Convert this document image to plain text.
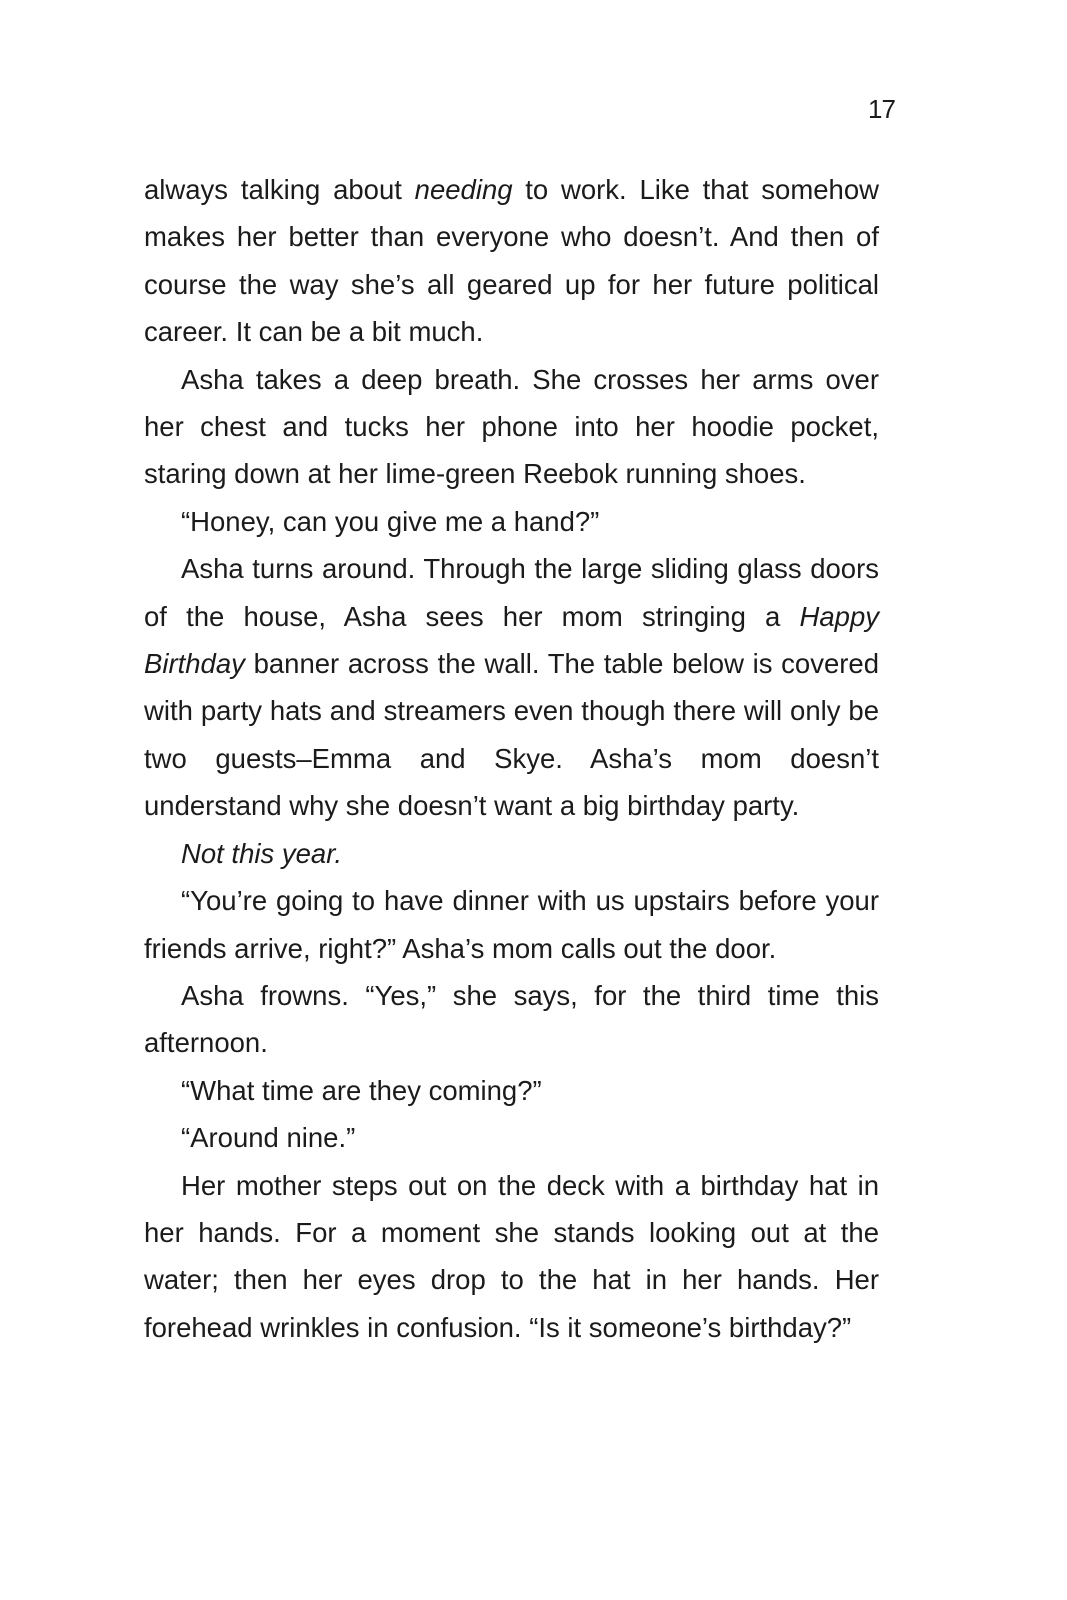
17

always talking about needing to work. Like that somehow makes her better than everyone who doesn’t. And then of course the way she’s all geared up for her future political career. It can be a bit much.

Asha takes a deep breath. She crosses her arms over her chest and tucks her phone into her hoodie pocket, staring down at her lime-green Reebok running shoes.

“Honey, can you give me a hand?”

Asha turns around. Through the large sliding glass doors of the house, Asha sees her mom stringing a Happy Birthday banner across the wall. The table below is covered with party hats and streamers even though there will only be two guests–Emma and Skye. Asha’s mom doesn’t understand why she doesn’t want a big birthday party.

Not this year.

“You’re going to have dinner with us upstairs before your friends arrive, right?” Asha’s mom calls out the door.

Asha frowns. “Yes,” she says, for the third time this afternoon.

“What time are they coming?”

“Around nine.”

Her mother steps out on the deck with a birthday hat in her hands. For a moment she stands looking out at the water; then her eyes drop to the hat in her hands. Her forehead wrinkles in confusion. “Is it someone’s birthday?”
